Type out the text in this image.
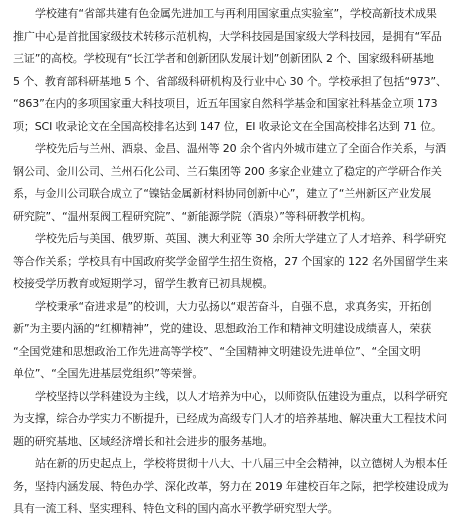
学校建有“省部共建有色金属先进加工与再利用国家重点实验室”，学校高新技术成果
推广中心是首批国家级技术转移示范机构，大学科技园是国家级大学科技园，是拥有“军品
三证”的高校。学校现有“长江学者和创新团队发展计划”创新团队 2 个、国家级科研基地
5 个、教育部科研基地 5 个、省部级科研机构及行业中心 30 个。学校承担了包括“973”、
“863”在内的多项国家重大科技项目，近五年国家自然科学基金和国家社科基金立项 173
项；SCI 收录论文在全国高校排名达到 147 位，EI 收录论文在全国高校排名达到 71 位。

学校先后与兰州、酒泉、金昌、温州等 20 余个省内外城市建立了全面合作关系，与酒
钢公司、金川公司、兰州石化公司、兰石集团等 200 多家企业建立了稳定的产学研合作关
系，与金川公司联合成立了“镍钴金属新材料协同创新中心”，建立了“兰州新区产业发展
研究院”、“温州泵阀工程研究院”、“新能源学院（酒泉）”等科研教学机构。

学校先后与美国、俄罗斯、英国、澳大利亚等 30 余所大学建立了人才培养、科学研究
等合作关系；学校具有中国政府奖学金留学生招生资格，27 个国家的 122 名外国留学生来
校接受学历教育或短期学习，留学生教育已初具规模。

学校秉承“奋进求是”的校训，大力弘扬以“艰苦奋斗，自强不息，求真务实，开拓创
新”为主要内涵的“红柳精神”，党的建设、思想政治工作和精神文明建设成绩喜人，荣获
“全国党建和思想政治工作先进高等学校”、“全国精神文明建设先进单位”、“全国文明
单位”、“全国先进基层党组织”等荣誉。

学校坚持以学科建设为主线，以人才培养为中心，以师资队伍建设为重点，以科学研究
为支撑，综合办学实力不断提升，已经成为高级专门人才的培养基地、解决重大工程技术问
题的研究基地、区域经济增长和社会进步的服务基地。

站在新的历史起点上，学校将贯彻十八大、十八届三中全会精神，以立德树人为根本任
务，坚持内涵发展、特色办学、深化改革，努力在 2019 年建校百年之际，把学校建设成为
具有一流工科、坚实理科、特色文科的国内高水平教学研究型大学。
